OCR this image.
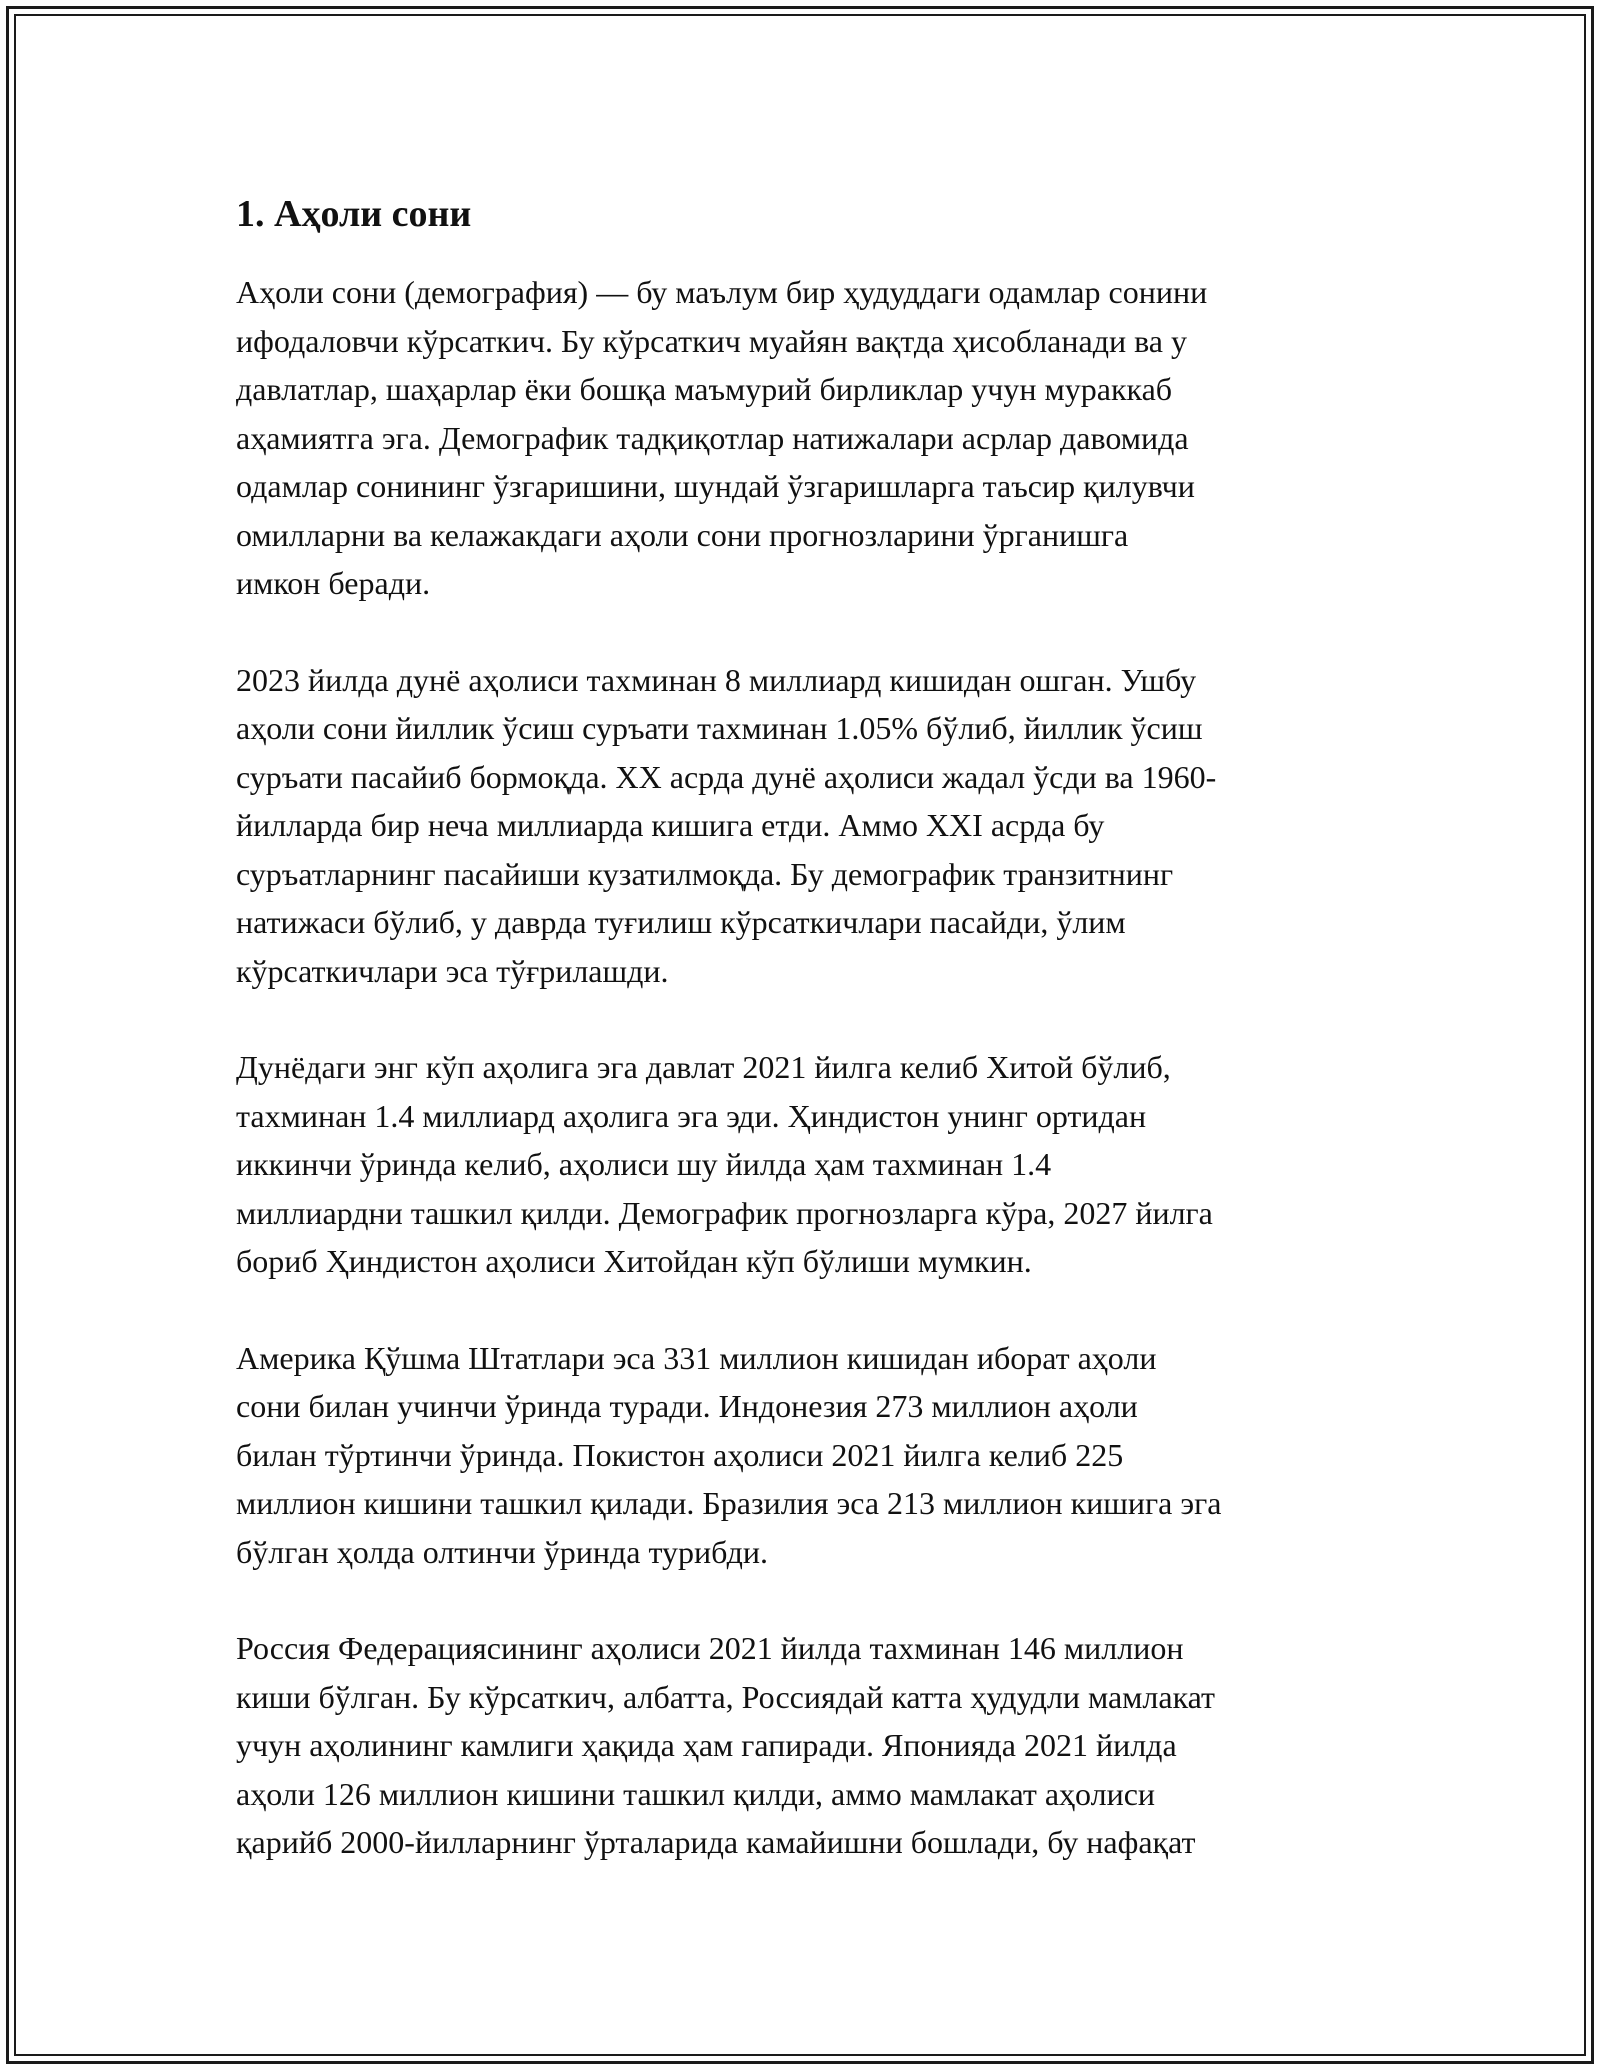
1. Аҳоли сони

Аҳоли сони (демография) — бу маълум бир ҳудуддаги одамлар сонини
ифодаловчи кўрсаткич. Бу кўрсаткич муайян вақтда ҳисобланади ва у
давлатлар, шаҳарлар ёки бошқа маъмурий бирликлар учун мураккаб
аҳамиятга эга. Демографик тадқиқотлар натижалари асрлар давомида
одамлар сонининг ўзгаришини, шундай ўзгаришларга таъсир қилувчи
омилларни ва келажакдаги аҳоли сони прогнозларини ўрганишга
имкон беради.

2023 йилда дунё аҳолиси тахминан 8 миллиард кишидан ошган. Ушбу
аҳоли сони йиллик ўсиш суръати тахминан 1.05% бўлиб, йиллик ўсиш
суръати пасайиб бормоқда. XX асрда дунё аҳолиси жадал ўсди ва 1960-
йилларда бир неча миллиарда кишига етди. Аммо XXI асрда бу
суръатларнинг пасайиши кузатилмоқда. Бу демографик транзитнинг
натижаси бўлиб, у даврда туғилиш кўрсаткичлари пасайди, ўлим
кўрсаткичлари эса тўғрилашди.

Дунёдаги энг кўп аҳолига эга давлат 2021 йилга келиб Хитой бўлиб,
тахминан 1.4 миллиард аҳолига эга эди. Ҳиндистон унинг ортидан
иккинчи ўринда келиб, аҳолиси шу йилда ҳам тахминан 1.4
миллиардни ташкил қилди. Демографик прогнозларга кўра, 2027 йилга
бориб Ҳиндистон аҳолиси Хитойдан кўп бўлиши мумкин.

Америка Қўшма Штатлари эса 331 миллион кишидан иборат аҳоли
сони билан учинчи ўринда туради. Индонезия 273 миллион аҳоли
билан тўртинчи ўринда. Покистон аҳолиси 2021 йилга келиб 225
миллион кишини ташкил қилади. Бразилия эса 213 миллион кишига эга
бўлган ҳолда олтинчи ўринда турибди.

Россия Федерациясининг аҳолиси 2021 йилда тахминан 146 миллион
киши бўлган. Бу кўрсаткич, албатта, Россиядай катта ҳудудли мамлакат
учун аҳолининг камлиги ҳақида ҳам гапиради. Японияда 2021 йилда
аҳоли 126 миллион кишини ташкил қилди, аммо мамлакат аҳолиси
қарийб 2000-йилларнинг ўрталарида камайишни бошлади, бу нафақат
